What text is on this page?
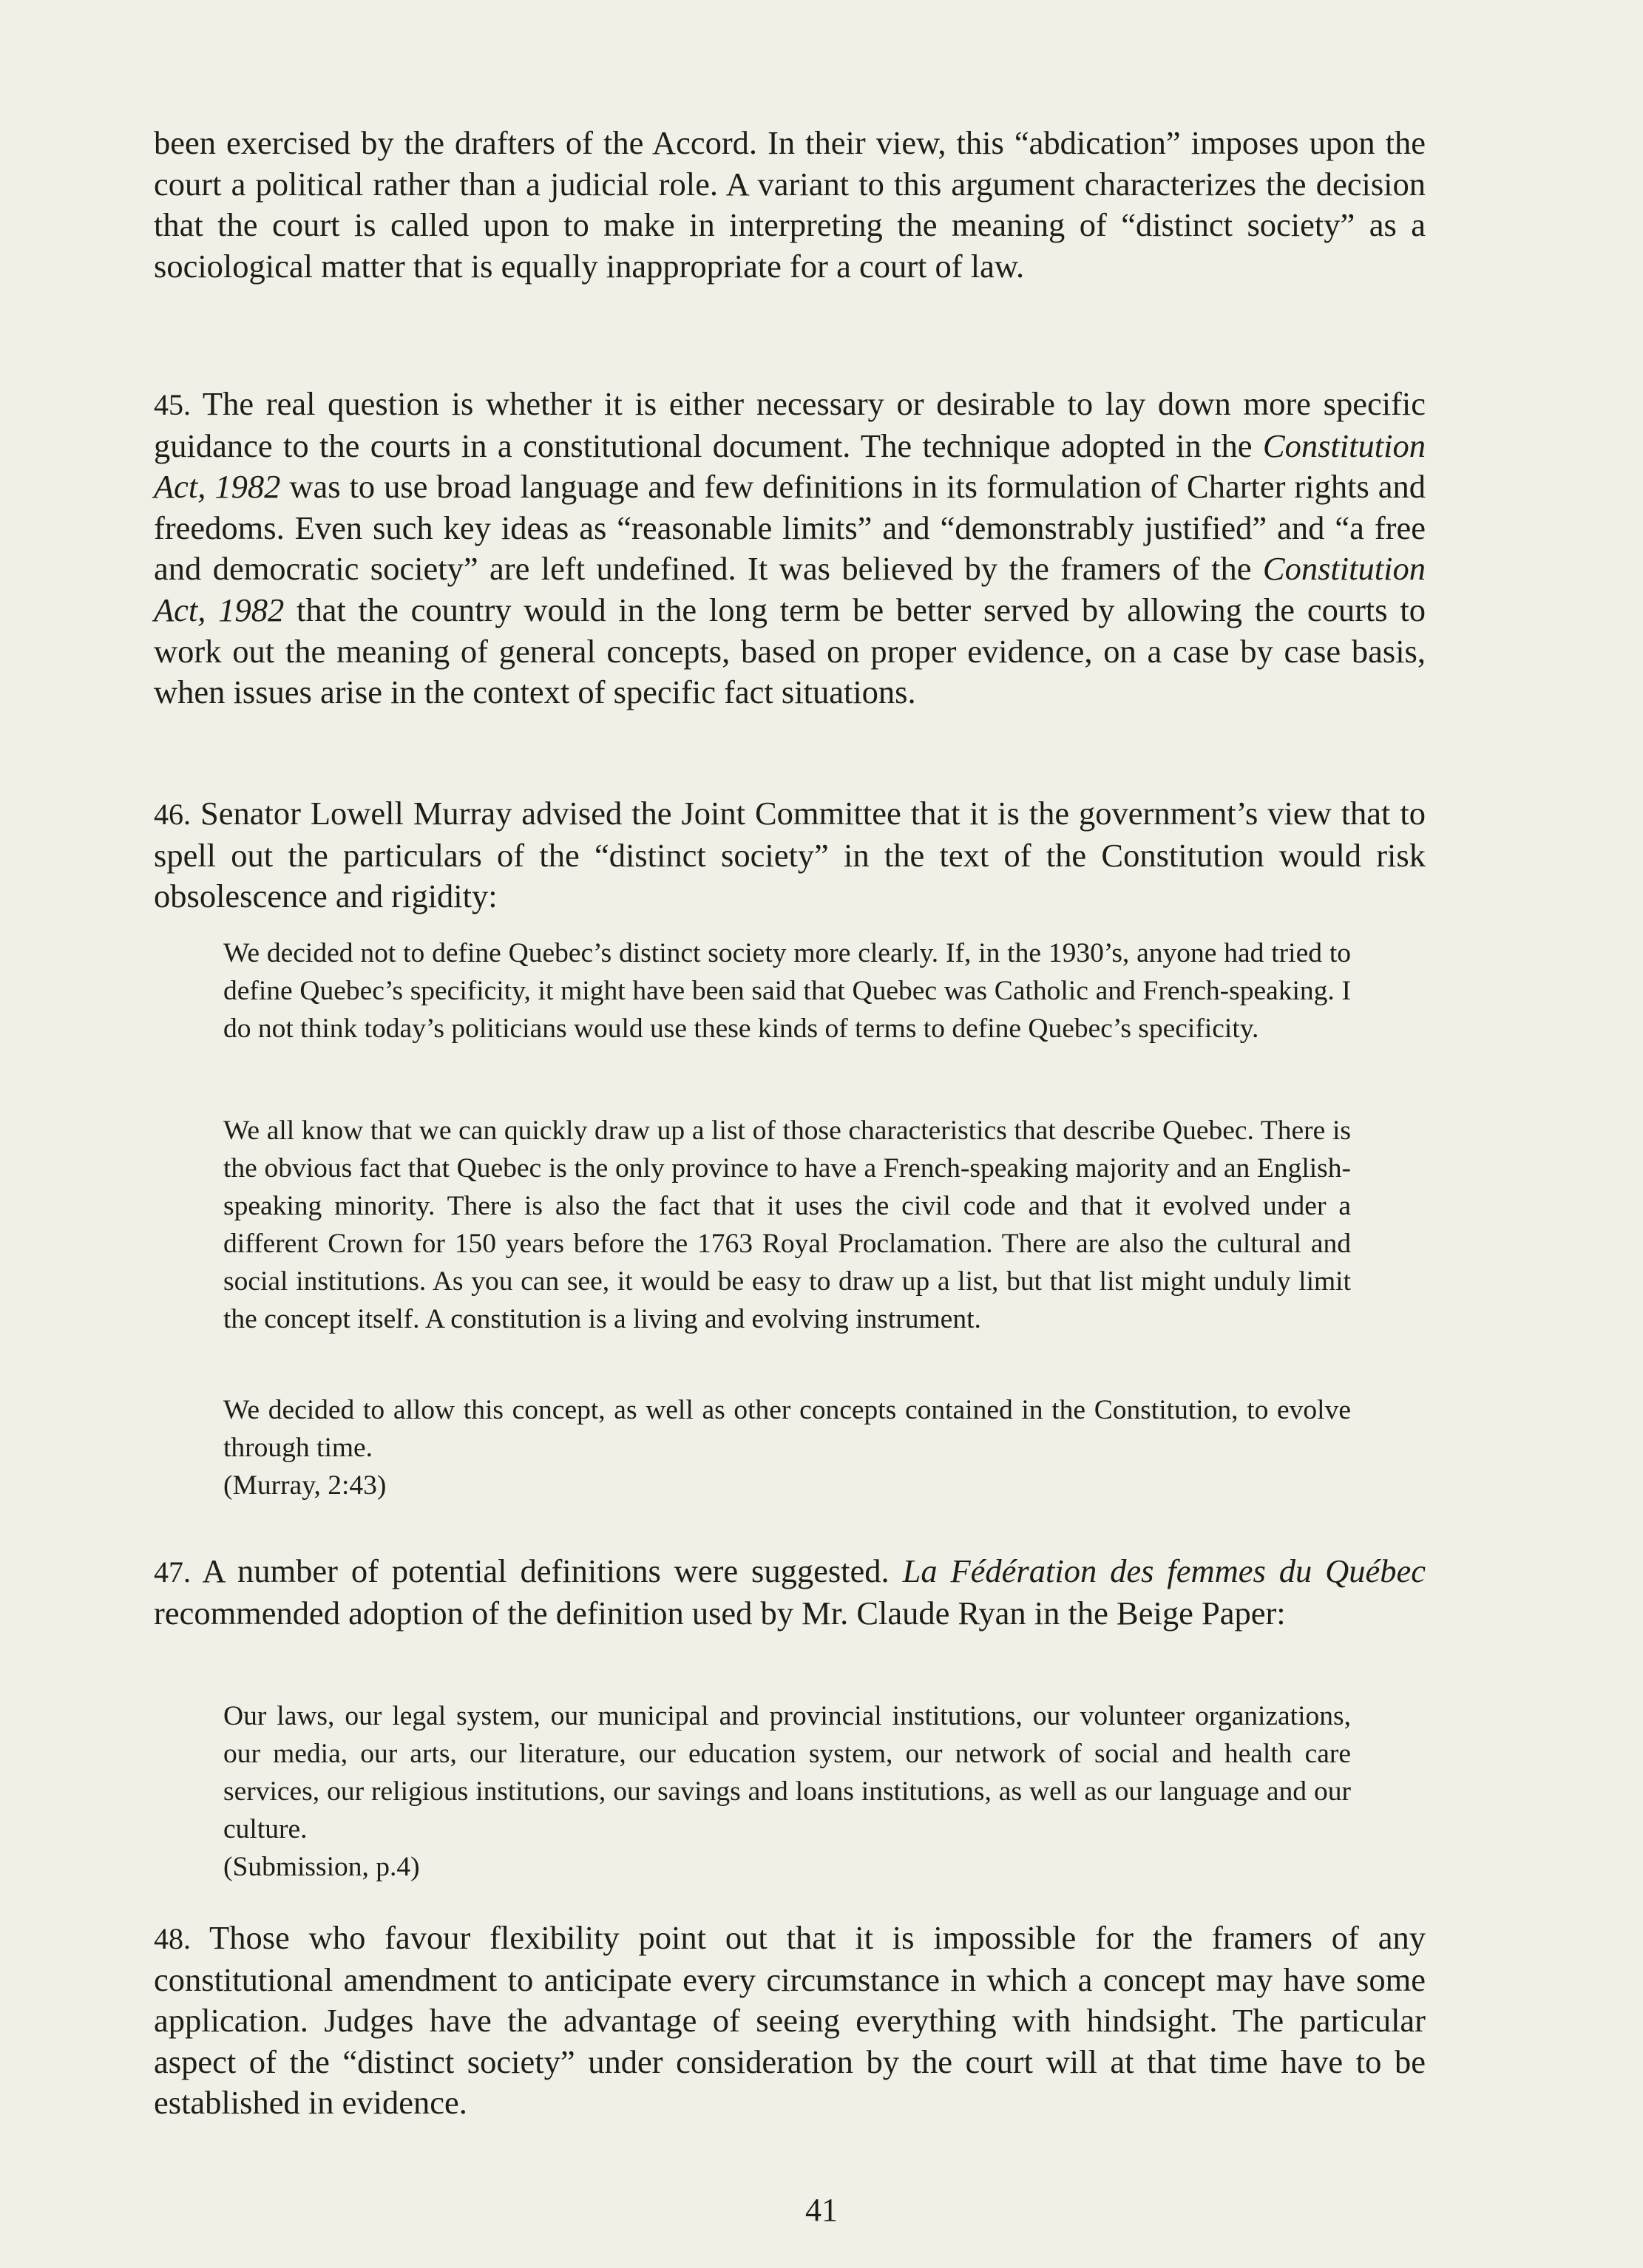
been exercised by the drafters of the Accord. In their view, this “abdication” imposes upon the court a political rather than a judicial role. A variant to this argument characterizes the decision that the court is called upon to make in interpreting the meaning of “distinct society” as a sociological matter that is equally inappropriate for a court of law.

45. The real question is whether it is either necessary or desirable to lay down more specific guidance to the courts in a constitutional document. The technique adopted in the Constitution Act, 1982 was to use broad language and few definitions in its formulation of Charter rights and freedoms. Even such key ideas as “reasonable limits” and “demonstrably justified” and “a free and democratic society” are left undefined. It was believed by the framers of the Constitution Act, 1982 that the country would in the long term be better served by allowing the courts to work out the meaning of general concepts, based on proper evidence, on a case by case basis, when issues arise in the context of specific fact situations.

46. Senator Lowell Murray advised the Joint Committee that it is the government’s view that to spell out the particulars of the “distinct society” in the text of the Constitution would risk obsolescence and rigidity:

We decided not to define Quebec’s distinct society more clearly. If, in the 1930’s, anyone had tried to define Quebec’s specificity, it might have been said that Quebec was Catholic and French-speaking. I do not think today’s politicians would use these kinds of terms to define Quebec’s specificity.
We all know that we can quickly draw up a list of those characteristics that describe Quebec. There is the obvious fact that Quebec is the only province to have a French-speaking majority and an English-speaking minority. There is also the fact that it uses the civil code and that it evolved under a different Crown for 150 years before the 1763 Royal Proclamation. There are also the cultural and social institutions. As you can see, it would be easy to draw up a list, but that list might unduly limit the concept itself. A constitution is a living and evolving instrument.
We decided to allow this concept, as well as other concepts contained in the Constitution, to evolve through time.
(Murray, 2:43)

47. A number of potential definitions were suggested. La Fédération des femmes du Québec recommended adoption of the definition used by Mr. Claude Ryan in the Beige Paper:

Our laws, our legal system, our municipal and provincial institutions, our volunteer organizations, our media, our arts, our literature, our education system, our network of social and health care services, our religious institutions, our savings and loans institutions, as well as our language and our culture.
(Submission, p.4)

48. Those who favour flexibility point out that it is impossible for the framers of any constitutional amendment to anticipate every circumstance in which a concept may have some application. Judges have the advantage of seeing everything with hindsight. The particular aspect of the “distinct society” under consideration by the court will at that time have to be established in evidence.

41
